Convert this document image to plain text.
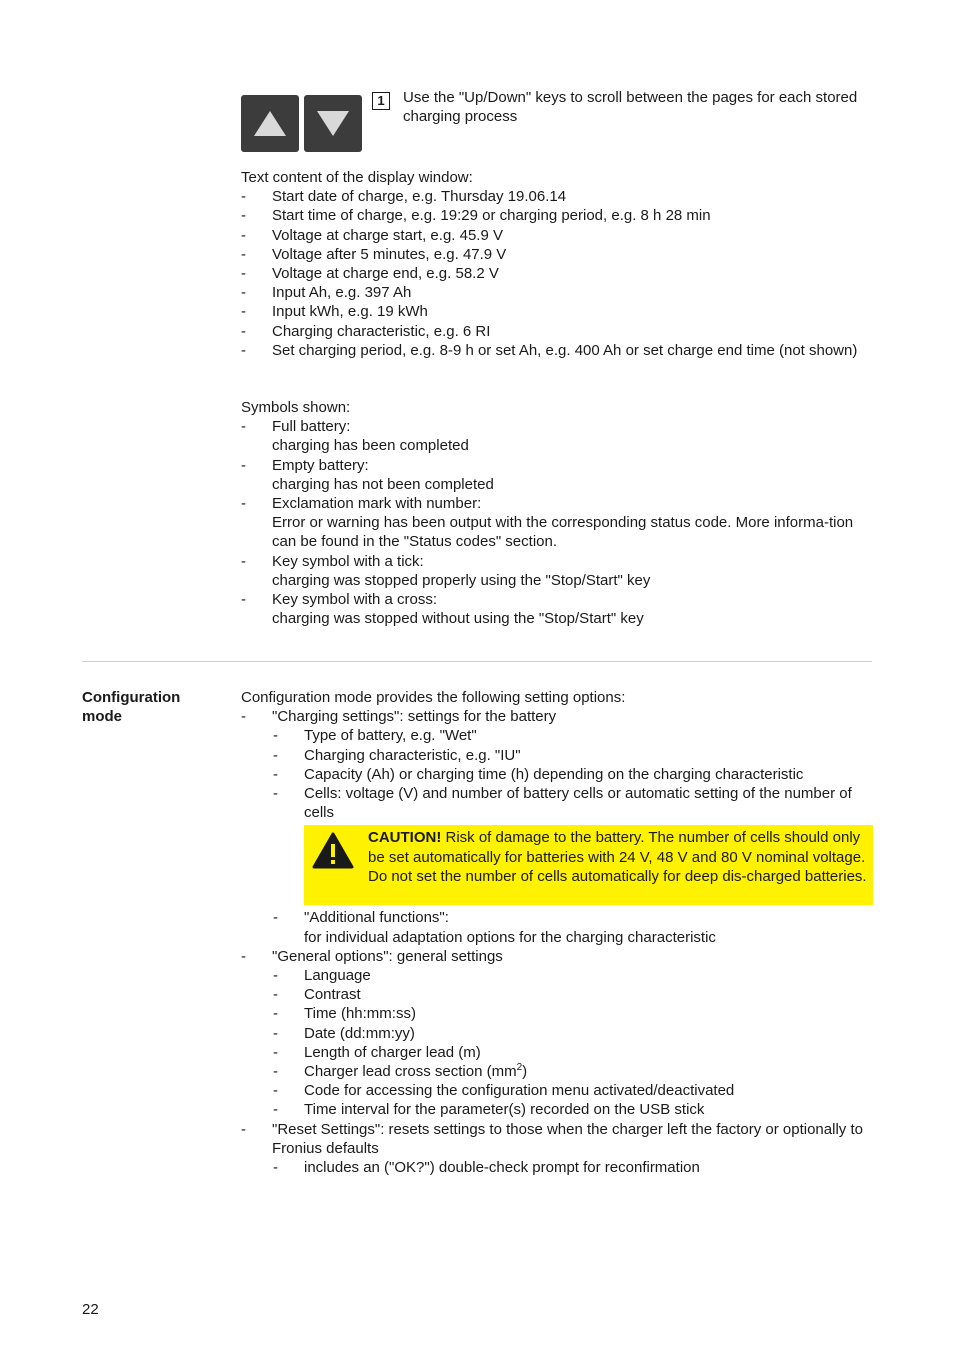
1	Use the "Up/Down" keys to scroll between the pages for each stored charging process
Text content of the display window:
- Start date of charge, e.g. Thursday 19.06.14
- Start time of charge, e.g. 19:29 or charging period, e.g. 8 h 28 min
- Voltage at charge start, e.g. 45.9 V
- Voltage after 5 minutes, e.g. 47.9 V
- Voltage at charge end, e.g. 58.2 V
- Input Ah, e.g. 397 Ah
- Input kWh, e.g. 19 kWh
- Charging characteristic, e.g. 6 RI
- Set charging period, e.g. 8-9 h or set Ah, e.g. 400 Ah or set charge end time (not shown)
Symbols shown:
- Full battery:
charging has been completed
- Empty battery:
charging has not been completed
- Exclamation mark with number:
Error or warning has been output with the corresponding status code. More informa-tion can be found in the "Status codes" section.
- Key symbol with a tick:
charging was stopped properly using the "Stop/Start" key
- Key symbol with a cross:
charging was stopped without using the "Stop/Start" key
Configuration mode
Configuration mode provides the following setting options:
- "Charging settings": settings for the battery
- Type of battery, e.g. "Wet"
- Charging characteristic, e.g. "IU"
- Capacity (Ah) or charging time (h) depending on the charging characteristic
- Cells: voltage (V) and number of battery cells or automatic setting of the number of cells
CAUTION! Risk of damage to the battery. The number of cells should only be set automatically for batteries with 24 V, 48 V and 80 V nominal voltage. Do not set the number of cells automatically for deep dis-charged batteries.
- "Additional functions":
for individual adaptation options for the charging characteristic
- "General options": general settings
- Language
- Contrast
- Time (hh:mm:ss)
- Date (dd:mm:yy)
- Length of charger lead (m)
- Charger lead cross section $(mm^2)$
- Code for accessing the configuration menu activated/deactivated
- Time interval for the parameter(s) recorded on the USB stick
- "Reset Settings": resets settings to those when the charger left the factory or optionally to Fronius defaults
- includes an ("OK?") double-check prompt for reconfirmation
22
